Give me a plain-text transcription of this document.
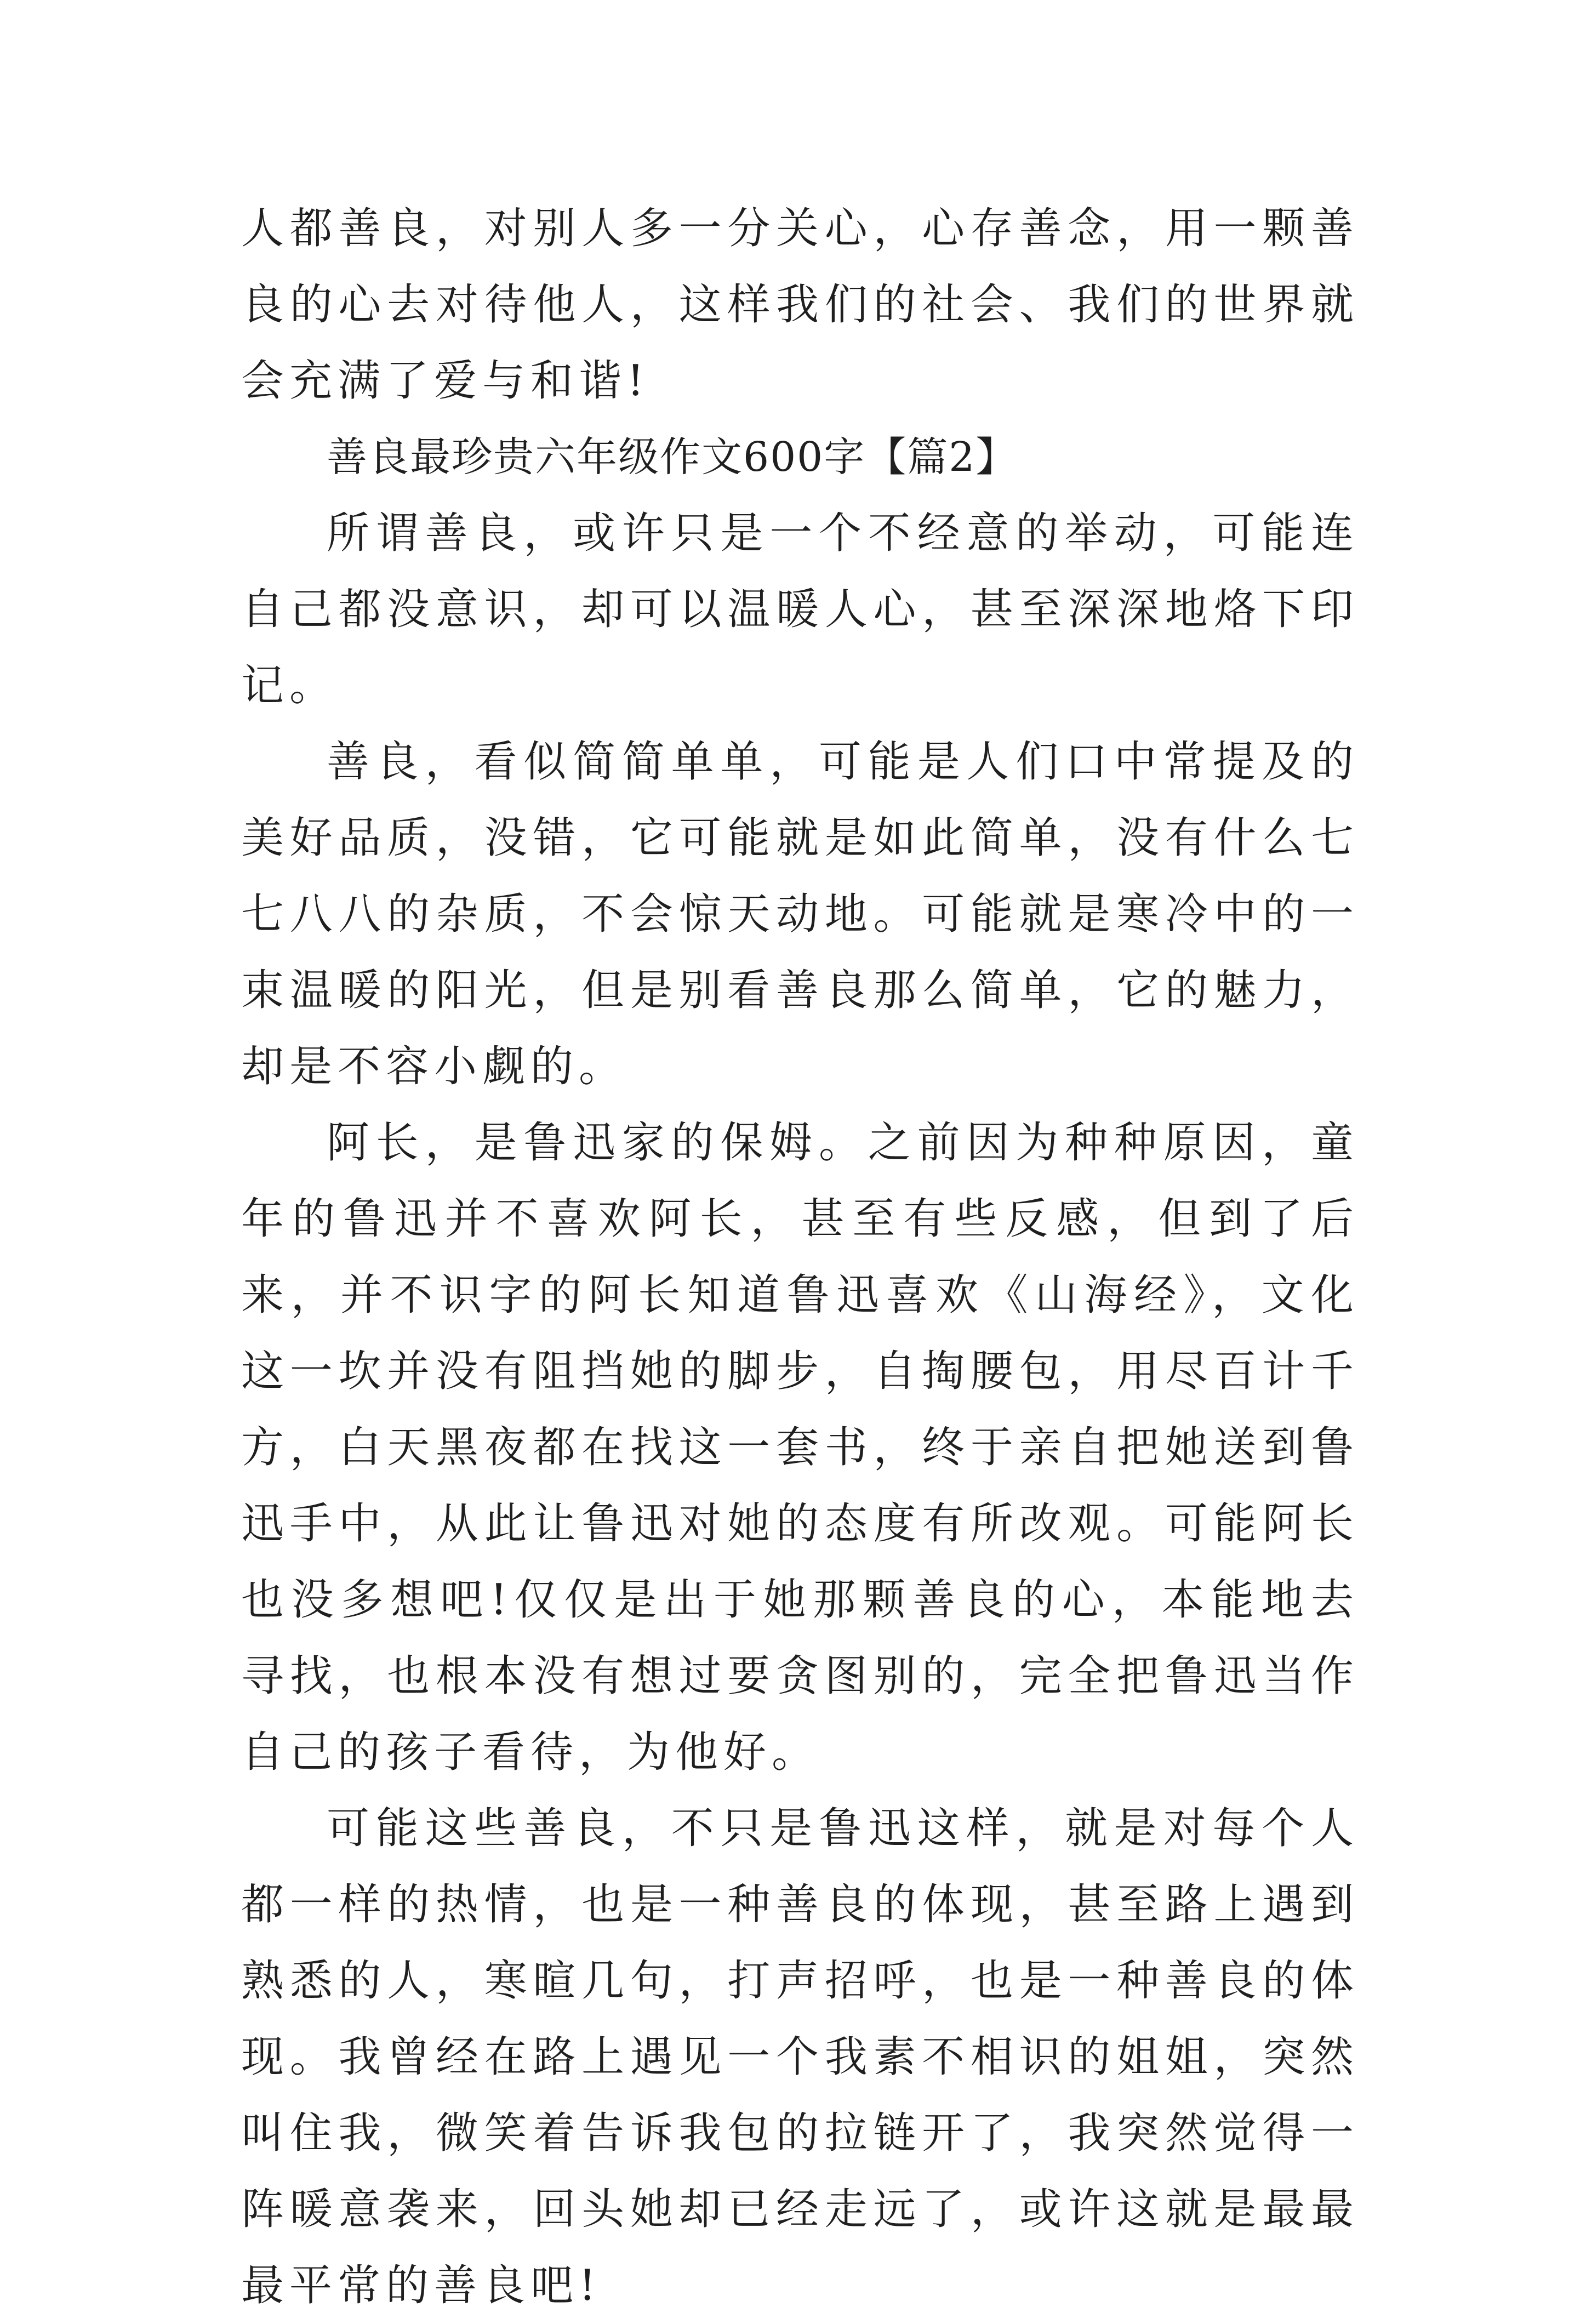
人都善良，对别人多一分关心，心存善念，用一颗善良的心去对待他人，这样我们的社会、我们的世界就会充满了爱与和谐!

善良最珍贵六年级作文600字【篇2】

所谓善良，或许只是一个不经意的举动，可能连自己都没意识，却可以温暖人心，甚至深深地烙下印记。

善良，看似简简单单，可能是人们口中常提及的美好品质，没错，它可能就是如此简单，没有什么七七八八的杂质，不会惊天动地。可能就是寒冷中的一束温暖的阳光，但是别看善良那么简单，它的魅力，却是不容小觑的。

阿长，是鲁迅家的保姆。之前因为种种原因，童年的鲁迅并不喜欢阿长，甚至有些反感，但到了后来，并不识字的阿长知道鲁迅喜欢《山海经》，文化这一坎并没有阻挡她的脚步，自掏腰包，用尽百计千方，白天黑夜都在找这一套书，终于亲自把她送到鲁迅手中，从此让鲁迅对她的态度有所改观。可能阿长也没多想吧!仅仅是出于她那颗善良的心，本能地去寻找，也根本没有想过要贪图别的，完全把鲁迅当作自己的孩子看待，为他好。

可能这些善良，不只是鲁迅这样，就是对每个人都一样的热情，也是一种善良的体现，甚至路上遇到熟悉的人，寒暄几句，打声招呼，也是一种善良的体现。我曾经在路上遇见一个我素不相识的姐姐，突然叫住我，微笑着告诉我包的拉链开了，我突然觉得一阵暖意袭来，回头她却已经走远了，或许这就是最最最平常的善良吧!
